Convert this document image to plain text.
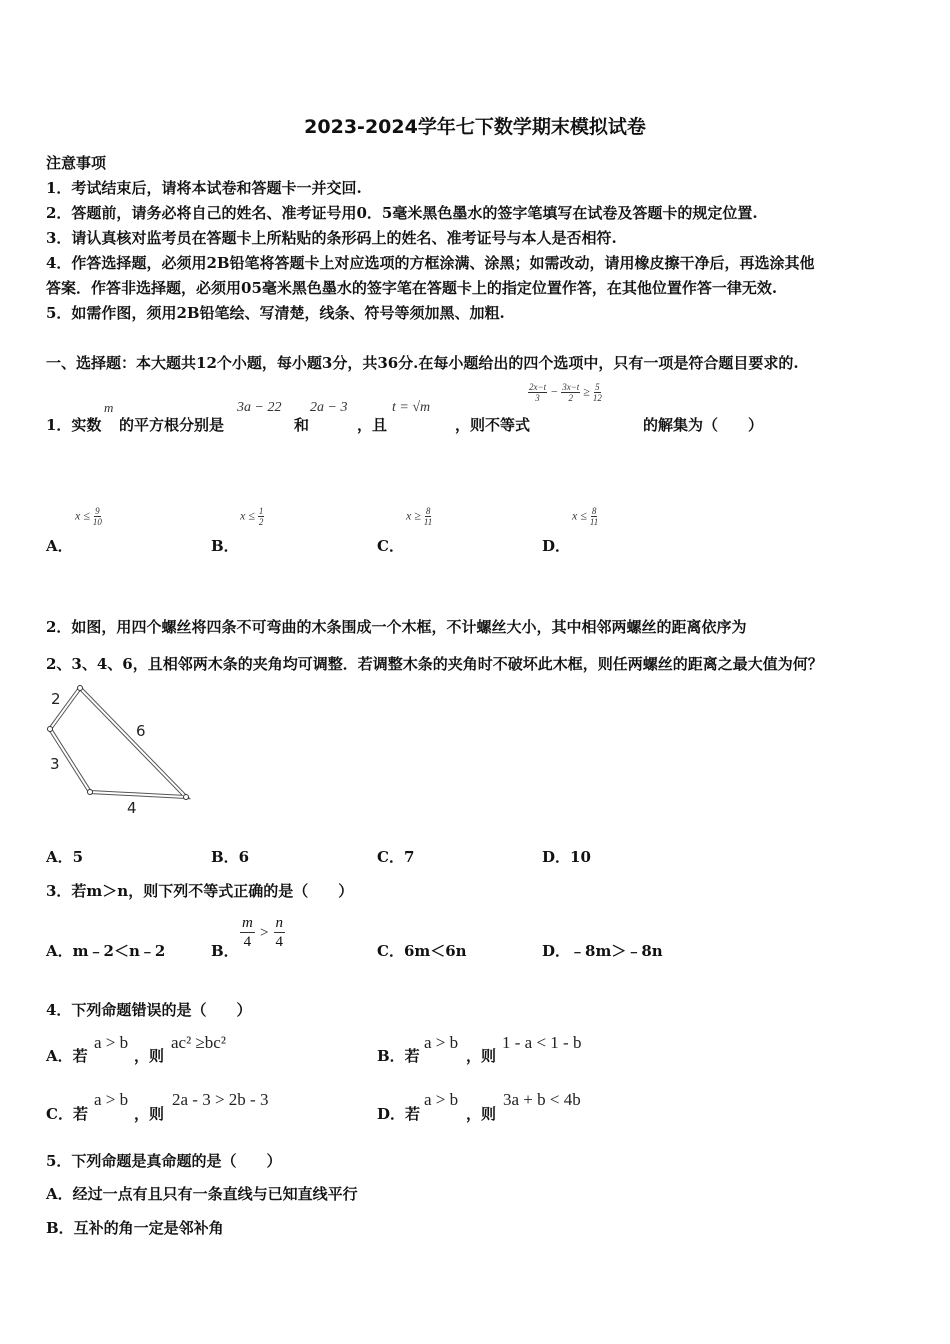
2023-2024学年七下数学期末模拟试卷
注意事项
1．考试结束后，请将本试卷和答题卡一并交回.
2．答题前，请务必将自己的姓名、准考证号用0．5毫米黑色墨水的签字笔填写在试卷及答题卡的规定位置.
3．请认真核对监考员在答题卡上所粘贴的条形码上的姓名、准考证号与本人是否相符.
4．作答选择题，必须用2B铅笔将答题卡上对应选项的方框涂满、涂黑；如需改动，请用橡皮擦干净后，再选涂其他
答案．作答非选择题，必须用05毫米黑色墨水的签字笔在答题卡上的指定位置作答，在其他位置作答一律无效.
5．如需作图，须用2B铅笔绘、写清楚，线条、符号等须加黑、加粗.
一、选择题：本大题共12个小题，每小题3分，共36分.在每小题给出的四个选项中，只有一项是符合题目要求的.
1．实数
m
的平方根分别是
3a − 22
和
2a − 3
，且
t = √m
，则不等式
$\frac{2x-t}{3} - \frac{3x-t}{2} \ge \frac{5}{12}$
的解集为（　　）
$x \le \frac{9}{10}$
A．
$x \le \frac{1}{2}$
B．
$x \ge \frac{8}{11}$
C．
$x \le \frac{8}{11}$
D．
2．如图，用四个螺丝将四条不可弯曲的木条围成一个木框，不计螺丝大小，其中相邻两螺丝的距离依序为
2、3、4、6，且相邻两木条的夹角均可调整．若调整木条的夹角时不破坏此木框，则任两螺丝的距离之最大值为何？
2
3
4
6
A．5	B．6	C．7	D．10
3．若m＞n，则下列不等式正确的是（　　）
A．m﹣2＜n﹣2	B． $\frac{m}{4} > \frac{n}{4}$	C．6m＜6n	D．﹣8m＞﹣8n
4．下列命题错误的是（　　）
A．若
a > b
，则
ac² ≥bc²
B．若
a > b
，则
1 - a < 1 - b
C．若
a > b
，则
2a - 3 > 2b - 3
D．若
a > b
，则
3a + b < 4b
5．下列命题是真命题的是（　　）
A．经过一点有且只有一条直线与已知直线平行
B．互补的角一定是邻补角
